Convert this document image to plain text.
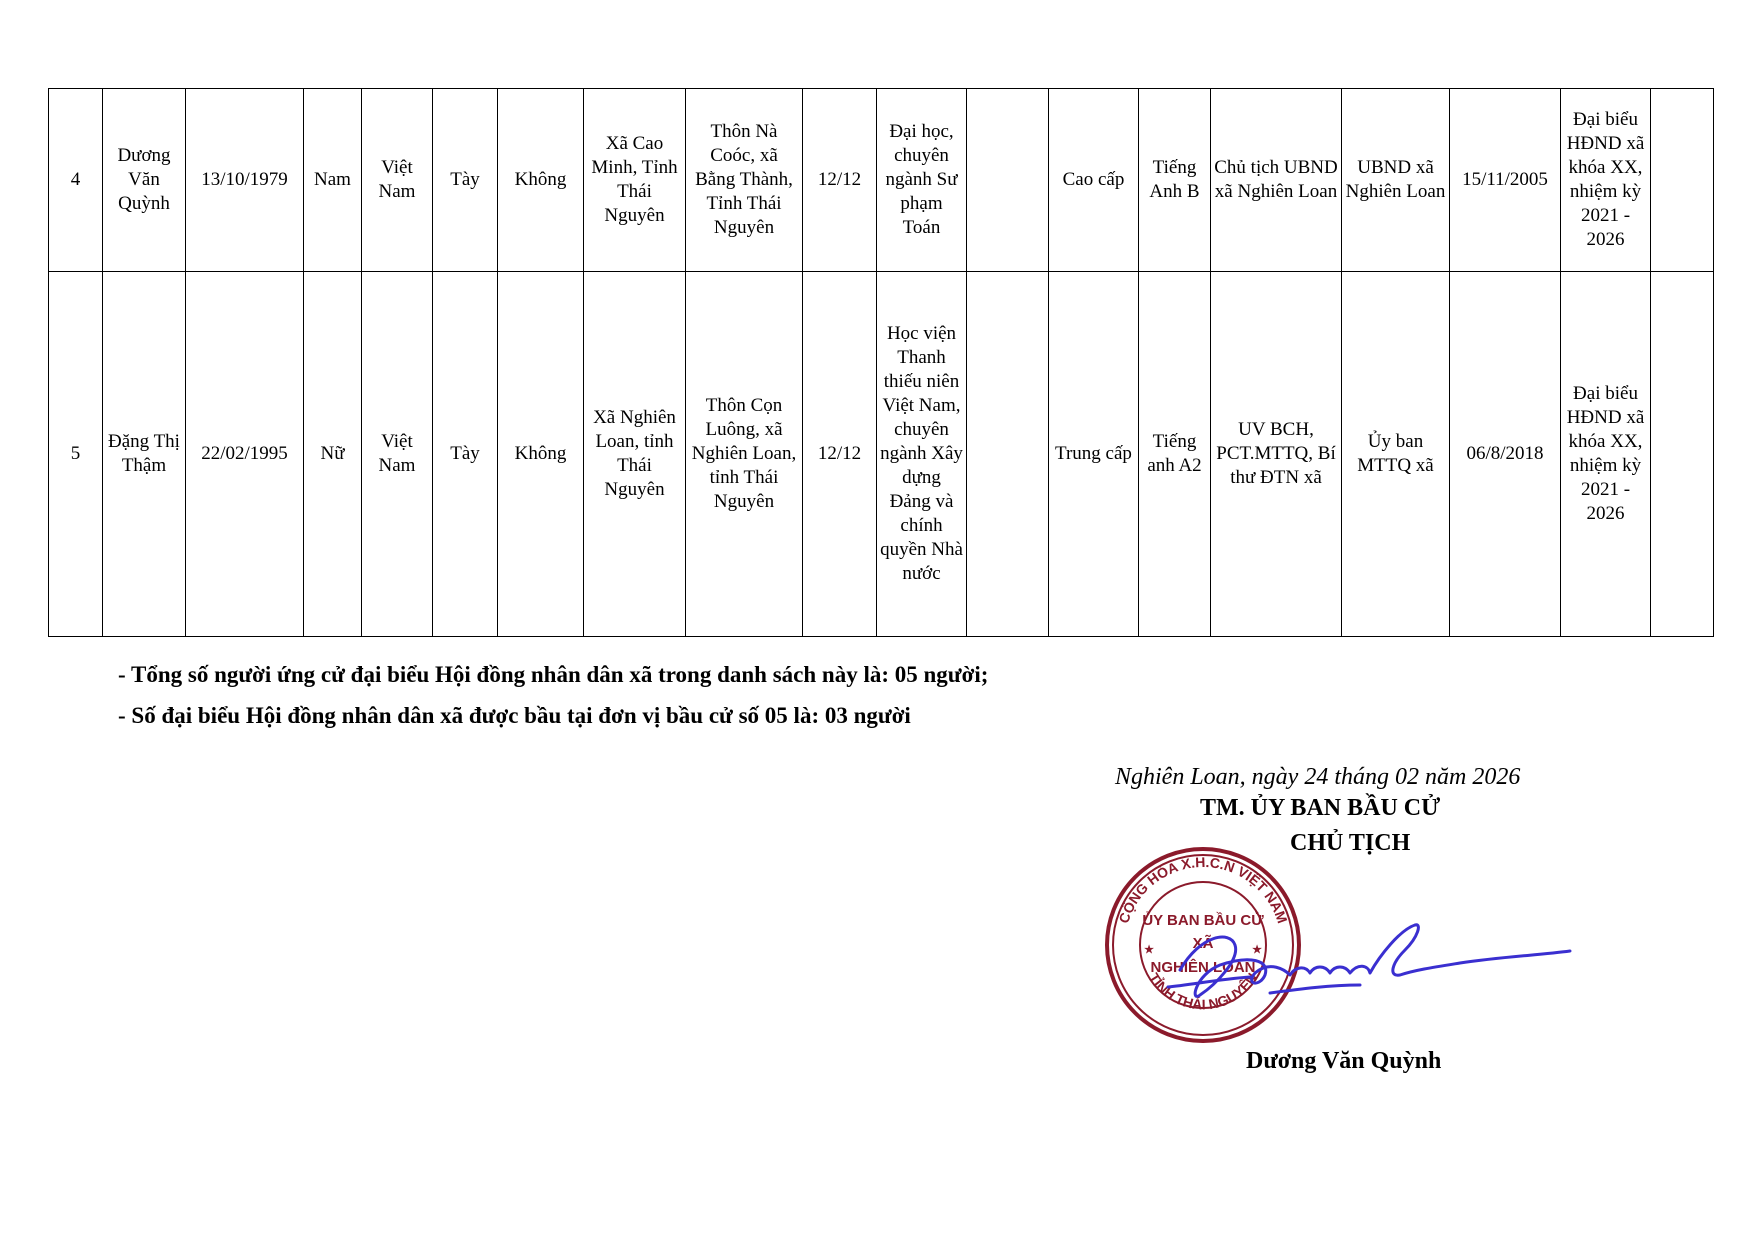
4	Dương Văn Quỳnh	13/10/1979	Nam	Việt Nam	Tày	Không	Xã Cao Minh, Tỉnh Thái Nguyên	Thôn Nà Coóc, xã Bằng Thành, Tỉnh Thái Nguyên	12/12	Đại học, chuyên ngành Sư phạm Toán		Cao cấp	Tiếng Anh B	Chủ tịch UBND xã Nghiên Loan	UBND xã Nghiên Loan	15/11/2005	Đại biểu HĐND xã khóa XX, nhiệm kỳ 2021 - 2026	
5	Đặng Thị Thậm	22/02/1995	Nữ	Việt Nam	Tày	Không	Xã Nghiên Loan, tỉnh Thái Nguyên	Thôn Cọn Luông, xã Nghiên Loan, tỉnh Thái Nguyên	12/12	Học viện Thanh thiếu niên Việt Nam, chuyên ngành Xây dựng Đảng và chính quyền Nhà nước		Trung cấp	Tiếng anh A2	UV BCH, PCT.MTTQ, Bí thư ĐTN xã	Ủy ban MTTQ xã	06/8/2018	Đại biểu HĐND xã khóa XX, nhiệm kỳ 2021 - 2026	
- Tổng số người ứng cử đại biểu Hội đồng nhân dân xã trong danh sách này là: 05 người;
- Số đại biểu Hội đồng nhân dân xã được bầu tại đơn vị bầu cử số 05 là: 03 người
Nghiên Loan, ngày 24 tháng 02 năm 2026
TM. ỦY BAN BẦU CỬ
CHỦ TỊCH
CỘNG HÒA X.H.C.N VIỆT NAM
TỈNH THÁI NGUYÊN
ỦY BAN BẦU CỬ
XÃ
NGHIÊN LOAN
★	★
Dương Văn Quỳnh
